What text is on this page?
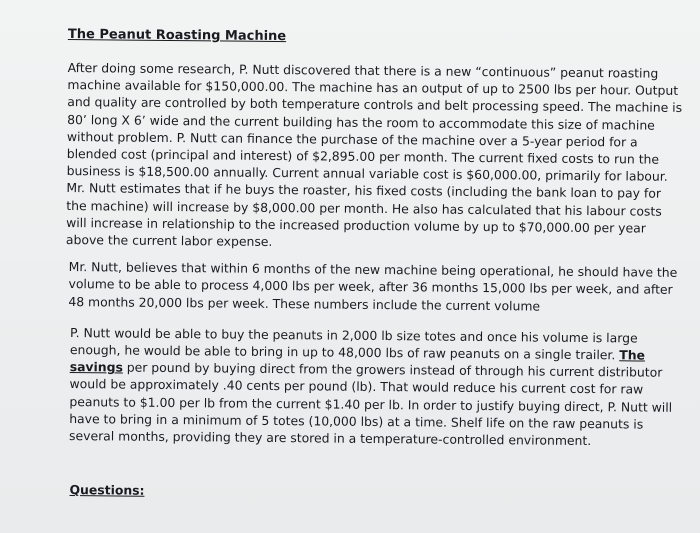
The Peanut Roasting Machine

After doing some research, P. Nutt discovered that there is a new “continuous” peanut roasting machine available for $150,000.00. The machine has an output of up to 2500 lbs per hour. Output and quality are controlled by both temperature controls and belt processing speed. The machine is 80’ long X 6’ wide and the current building has the room to accommodate this size of machine without problem. P. Nutt can finance the purchase of the machine over a 5-year period for a blended cost (principal and interest) of $2,895.00 per month. The current fixed costs to run the business is $18,500.00 annually. Current annual variable cost is $60,000.00, primarily for labour. Mr. Nutt estimates that if he buys the roaster, his fixed costs (including the bank loan to pay for the machine) will increase by $8,000.00 per month. He also has calculated that his labour costs will increase in relationship to the increased production volume by up to $70,000.00 per year above the current labor expense.

Mr. Nutt, believes that within 6 months of the new machine being operational, he should have the volume to be able to process 4,000 lbs per week, after 36 months 15,000 lbs per week, and after 48 months 20,000 lbs per week. These numbers include the current volume

P. Nutt would be able to buy the peanuts in 2,000 lb size totes and once his volume is large enough, he would be able to bring in up to 48,000 lbs of raw peanuts on a single trailer. The savings per pound by buying direct from the growers instead of through his current distributor would be approximately .40 cents per pound (lb). That would reduce his current cost for raw peanuts to $1.00 per lb from the current $1.40 per lb. In order to justify buying direct, P. Nutt will have to bring in a minimum of 5 totes (10,000 lbs) at a time. Shelf life on the raw peanuts is several months, providing they are stored in a temperature-controlled environment.

Questions:
